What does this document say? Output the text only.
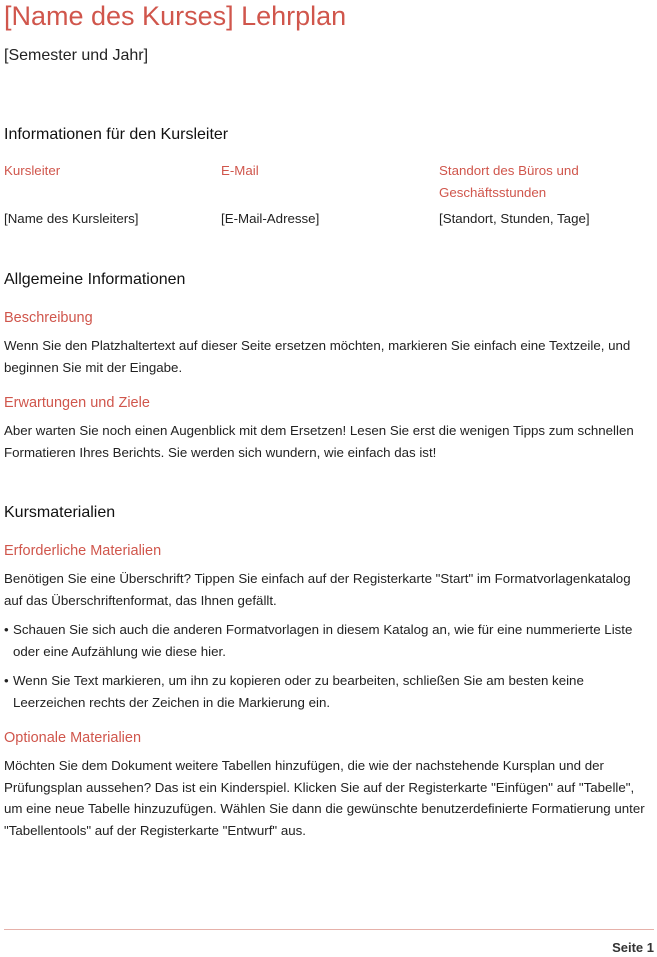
[Name des Kurses] Lehrplan

[Semester und Jahr]

Informationen für den Kursleiter

Kursleiter	E-Mail	Standort des Büros und Geschäftsstunden

[Name des Kursleiters]	[E-Mail-Adresse]	[Standort, Stunden, Tage]

Allgemeine Informationen
Beschreibung

Wenn Sie den Platzhaltertext auf dieser Seite ersetzen möchten, markieren Sie einfach eine Textzeile, und beginnen Sie mit der Eingabe.

Erwartungen und Ziele

Aber warten Sie noch einen Augenblick mit dem Ersetzen! Lesen Sie erst die wenigen Tipps zum schnellen Formatieren Ihres Berichts. Sie werden sich wundern, wie einfach das ist!

Kursmaterialien
Erforderliche Materialien

Benötigen Sie eine Überschrift? Tippen Sie einfach auf der Registerkarte "Start" im Formatvorlagenkatalog auf das Überschriftenformat, das Ihnen gefällt.

• Schauen Sie sich auch die anderen Formatvorlagen in diesem Katalog an, wie für eine nummerierte Liste oder eine Aufzählung wie diese hier.
• Wenn Sie Text markieren, um ihn zu kopieren oder zu bearbeiten, schließen Sie am besten keine Leerzeichen rechts der Zeichen in die Markierung ein.
Optionale Materialien

Möchten Sie dem Dokument weitere Tabellen hinzufügen, die wie der nachstehende Kursplan und der Prüfungsplan aussehen? Das ist ein Kinderspiel. Klicken Sie auf der Registerkarte "Einfügen" auf "Tabelle", um eine neue Tabelle hinzuzufügen. Wählen Sie dann die gewünschte benutzerdefinierte Formatierung unter "Tabellentools" auf der Registerkarte "Entwurf" aus.

Seite 1
